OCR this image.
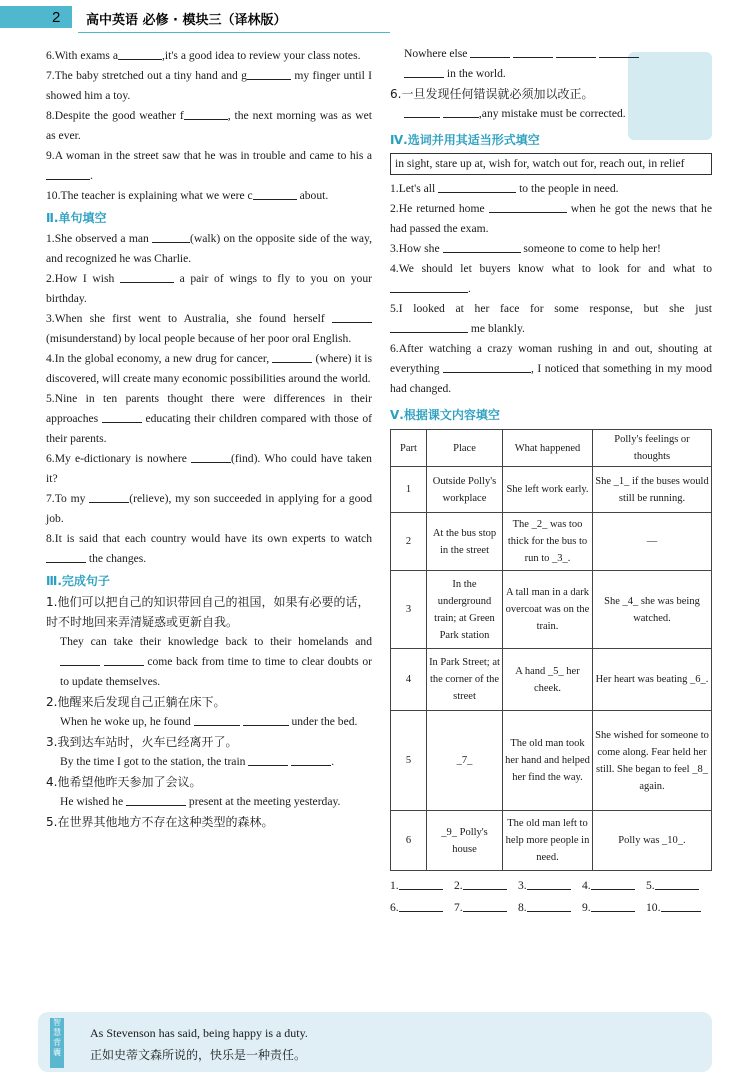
2 高中英语 必修 · 模块三（译林版）
6.With exams a	,it's a good idea to review your class notes.
7.The baby stretched out a tiny hand and g	my finger until I showed him a toy.
8.Despite the good weather f	, the next morning was as wet as ever.
9.A woman in the street saw that he was in trouble and came to his a.
10.The teacher is explaining what we were c	about.
Ⅱ.单句填空
1.She observed a man	(walk) on the opposite side of the way, and recognized he was Charlie.
2.How I wish	a pair of wings to fly to you on your birthday.
3.When she first went to Australia, she found herself (misunderstand) by local people because of her poor oral English.
4.In the global economy, a new drug for cancer,	(where) it is discovered, will create many economic possibilities around the world.
5.Nine in ten parents thought there were differences in their approaches	educating their children compared with those of their parents.
6.My e-dictionary is nowhere	(find). Who could have taken it?
7.To my	(relieve), my son succeeded in applying for a good job.
8.It is said that each country would have its own experts to watch  the changes.
Ⅲ.完成句子
1.他们可以把自己的知识带回自己的祖国，如果有必要的话，时不时地回来弄清疑惑或更新自我。
They can take their knowledge back to their homelands and   come back from time to time to clear doubts or to update themselves.
2.他醒来后发现自己正躺在床下。
When he woke up, he found	under the bed.
3.我到达车站时，火车已经离开了。
By the time I got to the station, the train	.
4.他希望他昨天参加了会议。
He wished he	present at the meeting yesterday.
5.在世界其他地方不存在这种类型的森林。
Nowhere else
in the world.
6.一旦发现任何错误就必须加以改正。
,any mistake must be corrected.
Ⅳ.选词并用其适当形式填空
in sight, stare up at, wish for, watch out for, reach out, in relief
1.Let's all	to the people in need.
2.He returned home	when he got the news that he had passed the exam.
3.How she	someone to come to help her!
4.We should let buyers know what to look for and what to .
5.I looked at her face for some response, but she just  me blankly.
6.After watching a crazy woman rushing in and out, shouting at everything	, I noticed that something in my mood had changed.
Ⅴ.根据课文内容填空
Part	Place	What happened	Polly's feelings or thoughts
1	Outside Polly's workplace	She left work early.	She _1_ if the buses would still be running.
2	At the bus stop in the street	The _2_ was too thick for the bus to run to _3_.	—
3	In the underground train; at Green Park station	A tall man in a dark overcoat was on the train.	She _4_ she was being watched.
4	In Park Street; at the corner of the street	A hand _5_ her cheek.	Her heart was beating _6_.
5	_7_	The old man took her hand and helped her find the way.	She wished for someone to come along. Fear held her still. She began to feel _8_ again.
6	_9_ Polly's house	The old man left to help more people in need.	Polly was _10_.
1.	2.	3.	4.	5.
6.	7.	8.	9.	10.
智慧背囊
As Stevenson has said, being happy is a duty.
正如史蒂文森所说的，快乐是一种责任。
